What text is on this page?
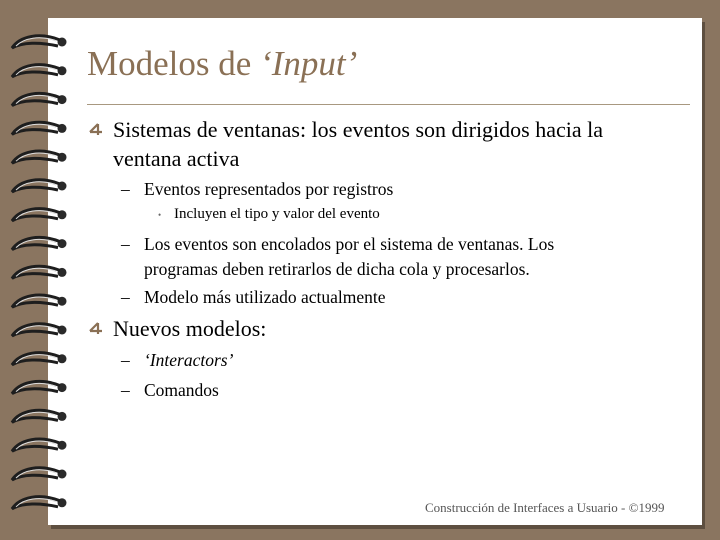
Modelos de ‘Input’
Sistemas de ventanas: los eventos son dirigidos hacia la
ventana activa
– Eventos representados por registros
• Incluyen el tipo y valor del evento
– Los eventos son encolados por el sistema de ventanas. Los
programas deben retirarlos de dicha cola y procesarlos.
– Modelo más utilizado actualmente
Nuevos modelos:
– ‘Interactors’
– Comandos
Construcción de Interfaces a Usuario - ©1999
